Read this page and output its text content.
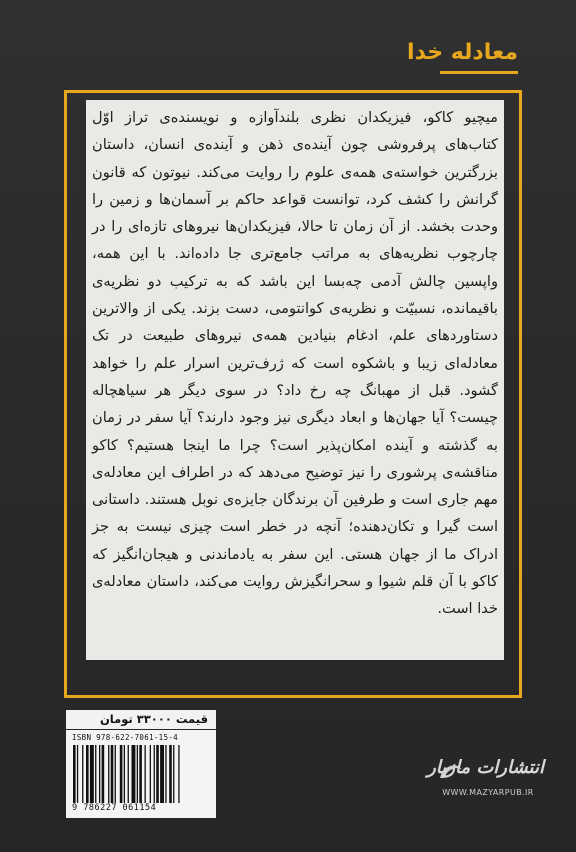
معادله خدا

میچیو کاکو، فیزیکدان نظری بلندآوازه و نویسنده‌ی تراز اوّل کتاب‌های پرفروشی چون آینده‌ی ذهن و آینده‌ی انسان، داستان بزرگترین خواسته‌ی همه‌ی علوم را روایت می‌کند. نیوتون که قانون گرانش را کشف کرد، توانست قواعد حاکم بر آسمان‌ها و زمین را وحدت بخشد. از آن زمان تا حالا، فیزیکدان‌ها نیروهای تازه‌ای را در چارچوب نظریه‌های به مراتب جامع‌تری جا داده‌اند. با این همه، واپسین چالش آدمی چه‌بسا این باشد که به ترکیب دو نظریه‌ی باقیمانده، نسبیّت و نظریه‌ی کوانتومی، دست بزند. یکی از والاترین دستاوردهای علم، ادغام بنیادین همه‌ی نیروهای طبیعت در تک معادله‌ای زیبا و باشکوه است که ژرف‌ترین اسرار علم را خواهد گشود. قبل از مهبانگ چه رخ داد؟ در سوی دیگر هر سیاهچاله چیست؟ آیا جهان‌ها و ابعاد دیگری نیز وجود دارند؟ آیا سفر در زمان به گذشته و آینده امکان‌پذیر است؟ چرا ما اینجا هستیم؟ کاکو مناقشه‌ی پرشوری را نیز توضیح می‌دهد که در اطراف این معادله‌ی مهم جاری است و طرفین آن برندگان جایزه‌ی نوبل هستند. داستانی است گیرا و تکان‌دهنده؛ آنچه در خطر است چیزی نیست به جز ادراک ما از جهان هستی. این سفر به یادماندنی و هیجان‌انگیز که کاکو با آن قلم شیوا و سحرانگیزش روایت می‌کند، داستان معادله‌ی خدا است.

قیمت ۳۳۰۰۰ تومان
ISBN 978-622-7061-15-4
9 786227 061154
انتشارات مازیار
WWW.MAZYARPUB.IR
